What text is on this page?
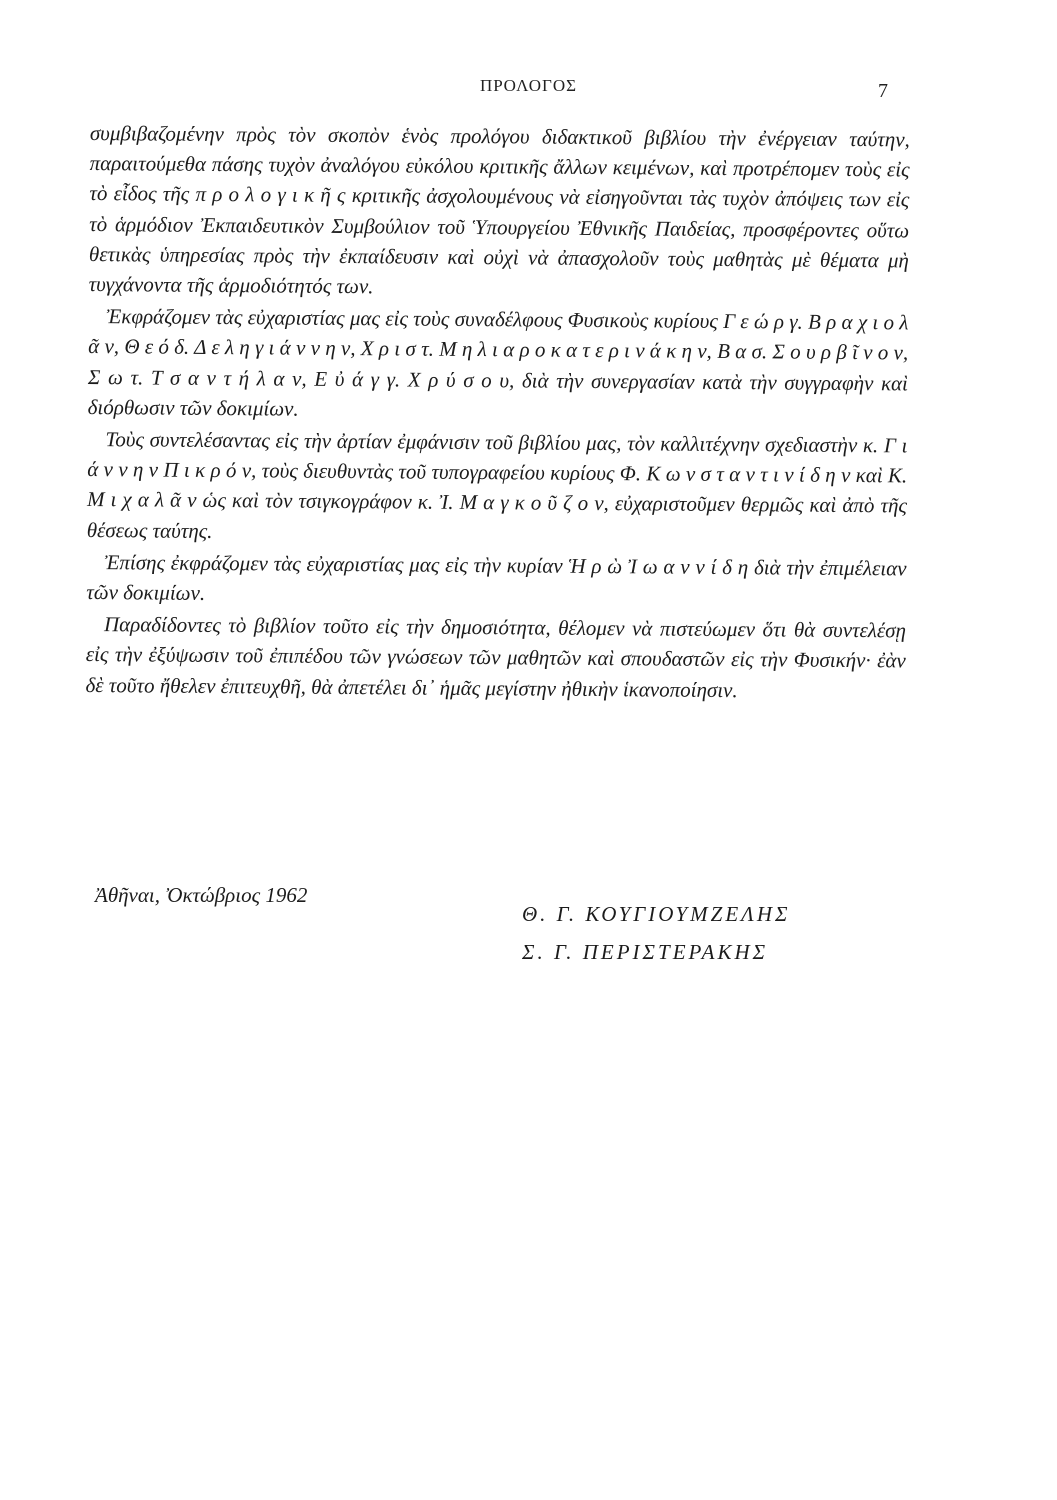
ΠΡΟΛΟΓΟΣ	7

συμβιβαζομένην πρὸς τὸν σκοπὸν ἑνὸς προλόγου διδακτικοῦ βιβλίου τὴν ἐνέργειαν ταύτην, παραιτούμεθα πάσης τυχὸν ἀναλόγου εὐκόλου κριτικῆς ἄλλων κειμένων, καὶ προτρέπομεν τοὺς εἰς τὸ εἶδος τῆς π ρ ο λ ο γ ι κ ῆ ς κριτικῆς ἀσχολουμένους νὰ εἰσηγοῦνται τὰς τυχὸν ἀπόψεις των εἰς τὸ ἁρμόδιον Ἐκπαιδευτικὸν Συμβούλιον τοῦ Ὑπουργείου Ἐθνικῆς Παιδείας, προσφέροντες οὕτω θετικὰς ὑπηρεσίας πρὸς τὴν ἐκπαίδευσιν καὶ οὐχὶ νὰ ἀπασχολοῦν τοὺς μαθητὰς μὲ θέματα μὴ τυγχάνοντα τῆς ἁρμοδιότητός των.

Ἐκφράζομεν τὰς εὐχαριστίας μας εἰς τοὺς συναδέλφους Φυσικοὺς κυρίους Γ ε ώ ρ γ. Β ρ α χ ι ο λ ᾶ ν, Θ ε ό δ. Δ ε λ η γ ι ά ν ν η ν, Χ ρ ι σ τ. Μ η λ ι α ρ ο κ α τ ε ρ ι ν ά κ η ν, Β α σ. Σ ο υ ρ β ῖ ν ο ν, Σ ω τ. Τ σ α ν τ ή λ α ν, Ε ὐ ά γ γ. Χ ρ ύ σ ο υ, διὰ τὴν συνεργασίαν κατὰ τὴν συγγραφὴν καὶ διόρθωσιν τῶν δοκιμίων.

Τοὺς συντελέσαντας εἰς τὴν ἀρτίαν ἐμφάνισιν τοῦ βιβλίου μας, τὸν καλλιτέχνην σχεδιαστὴν κ. Γ ι ά ν ν η ν Π ι κ ρ ό ν, τοὺς διευθυντὰς τοῦ τυπογραφείου κυρίους Φ. Κ ω ν σ τ α ν τ ι ν ί δ η ν καὶ Κ. Μ ι χ α λ ᾶ ν ὡς καὶ τὸν τσιγκογράφον κ. Ἰ. Μ α γ κ ο ῦ ζ ο ν, εὐχαριστοῦμεν θερμῶς καὶ ἀπὸ τῆς θέσεως ταύτης.

Ἐπίσης ἐκφράζομεν τὰς εὐχαριστίας μας εἰς τὴν κυρίαν Ἡ ρ ὼ Ἰ ω α ν ν ί δ η διὰ τὴν ἐπιμέλειαν τῶν δοκιμίων.

Παραδίδοντες τὸ βιβλίον τοῦτο εἰς τὴν δημοσιότητα, θέλομεν νὰ πιστεύωμεν ὅτι θὰ συντελέσῃ εἰς τὴν ἐξύψωσιν τοῦ ἐπιπέδου τῶν γνώσεων τῶν μαθητῶν καὶ σπουδαστῶν εἰς τὴν Φυσικήν· ἐὰν δὲ τοῦτο ἤθελεν ἐπιτευχθῆ, θὰ ἀπετέλει δι᾽ ἡμᾶς μεγίστην ἠθικὴν ἱκανοποίησιν.

Ἀθῆναι, Ὀκτώβριος 1962
Θ. Γ. ΚΟΥΓΙΟΥΜΖΕΛΗΣ
Σ. Γ. ΠΕΡΙΣΤΕΡΑΚΗΣ
